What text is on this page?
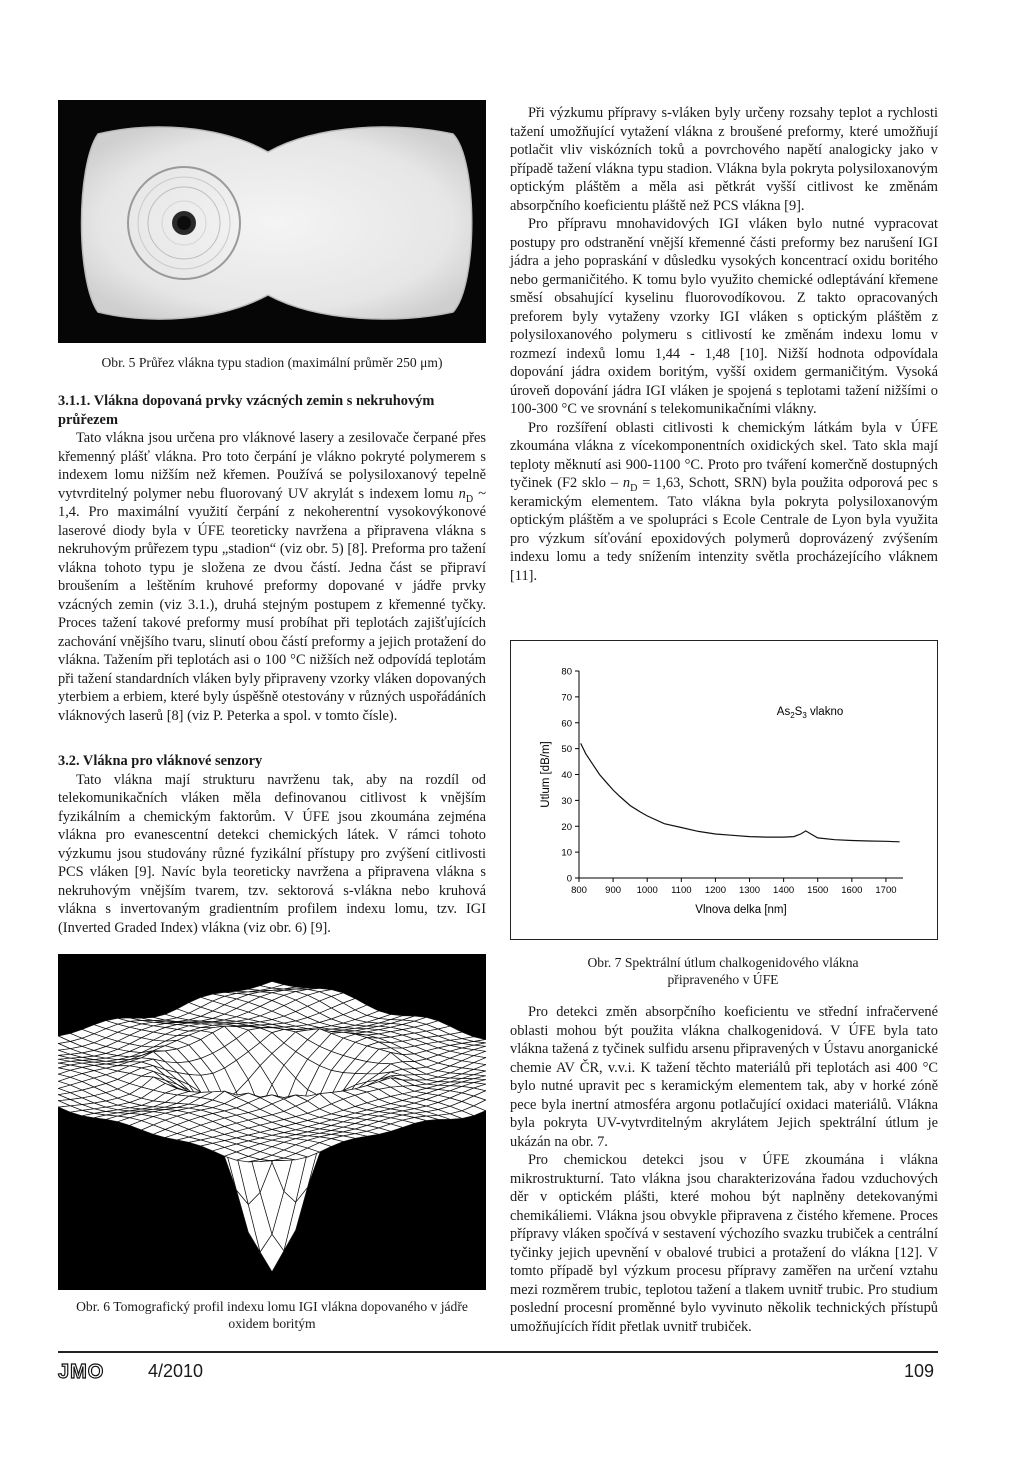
Obr. 5 Průřez vlákna typu stadion (maximální průměr 250 μm)

3.1.1. Vlákna dopovaná prvky vzácných zemin s nekruhovým průřezem

Tato vlákna jsou určena pro vláknové lasery a zesilovače čerpané přes křemenný plášť vlákna. Pro toto čerpání je vlákno pokryté polymerem s indexem lomu nižším než křemen. Používá se polysiloxanový tepelně vytvrditelný polymer nebu fluorovaný UV akrylát s indexem lomu $n_D$ ~ 1,4. Pro maximální využití čerpání z nekoherentní vysokovýkonové laserové diody byla v ÚFE teoreticky navržena a připravena vlákna s nekruhovým průřezem typu „stadion“ (viz obr. 5) [8]. Preforma pro tažení vlákna tohoto typu je složena ze dvou částí. Jedna část se připraví broušením a leštěním kruhové preformy dopované v jádře prvky vzácných zemin (viz 3.1.), druhá stejným postupem z křemenné tyčky. Proces tažení takové preformy musí probíhat při teplotách zajišťujících zachování vnějšího tvaru, slinutí obou částí preformy a jejich protažení do vlákna. Tažením při teplotách asi o 100 °C nižších než odpovídá teplotám při tažení standardních vláken byly připraveny vzorky vláken dopovaných yterbiem a erbiem, které byly úspěšně otestovány v různých uspořádáních vláknových laserů [8] (viz P. Peterka a spol. v tomto čísle).

3.2. Vlákna pro vláknové senzory

Tato vlákna mají strukturu navrženu tak, aby na rozdíl od telekomunikačních vláken měla definovanou citlivost k vnějším fyzikálním a chemickým faktorům. V ÚFE jsou zkoumána zejména vlákna pro evanescentní detekci chemických látek. V rámci tohoto výzkumu jsou studovány různé fyzikální přístupy pro zvýšení citlivosti PCS vláken [9]. Navíc byla teoreticky navržena a připravena vlákna s nekruhovým vnějším tvarem, tzv. sektorová s-vlákna nebo kruhová vlákna s invertovaným gradientním profilem indexu lomu, tzv. IGI (Inverted Graded Index) vlákna (viz obr. 6) [9].

Obr. 6 Tomografický profil indexu lomu IGI vlákna dopovaného v jádře oxidem boritým

Při výzkumu přípravy s-vláken byly určeny rozsahy teplot a rychlosti tažení umožňující vytažení vlákna z broušené preformy, které umožňují potlačit vliv viskózních toků a povrchového napětí analogicky jako v případě tažení vlákna typu stadion. Vlákna byla pokryta polysiloxanovým optickým pláštěm a měla asi pětkrát vyšší citlivost ke změnám absorpčního koeficientu pláště než PCS vlákna [9].

Pro přípravu mnohavidových IGI vláken bylo nutné vypracovat postupy pro odstranění vnější křemenné části preformy bez narušení IGI jádra a jeho popraskání v důsledku vysokých koncentrací oxidu boritého nebo germaničitého. K tomu bylo využito chemické odleptávání křemene směsí obsahující kyselinu fluorovodíkovou. Z takto opracovaných preforem byly vytaženy vzorky IGI vláken s optickým pláštěm z polysiloxanového polymeru s citlivostí ke změnám indexu lomu v rozmezí indexů lomu 1,44 - 1,48 [10]. Nižší hodnota odpovídala dopování jádra oxidem boritým, vyšší oxidem germaničitým. Vysoká úroveň dopování jádra IGI vláken je spojená s teplotami tažení nižšími o 100-300 °C ve srovnání s telekomunikačními vlákny.

Pro rozšíření oblasti citlivosti k chemickým látkám byla v ÚFE zkoumána vlákna z vícekomponentních oxidických skel. Tato skla mají teploty měknutí asi 900-1100 °C. Proto pro tváření komerčně dostupných tyčinek (F2 sklo – $n_D = 1,63$, Schott, SRN) byla použita odporová pec s keramickým elementem. Tato vlákna byla pokryta polysiloxanovým optickým pláštěm a ve spolupráci s Ecole Centrale de Lyon byla využita pro výzkum síťování epoxidových polymerů doprovázený zvýšením indexu lomu a tedy snížením intenzity světla procházejícího vláknem [11].

0
10
20
30
40
50
60
70
80
800 900 1000 1100 1200 1300 1400 1500 1600 1700
Vlnova delka [nm]
Utlum [dB/m]
$As_2S_3$ vlakno

Obr. 7 Spektrální útlum chalkogenidového vlákna připraveného v ÚFE

Pro detekci změn absorpčního koeficientu ve střední infračervené oblasti mohou být použita vlákna chalkogenidová. V ÚFE byla tato vlákna tažená z tyčinek sulfidu arsenu připravených v Ústavu anorganické chemie AV ČR, v.v.i. K tažení těchto materiálů při teplotách asi 400 °C bylo nutné upravit pec s keramickým elementem tak, aby v horké zóně pece byla inertní atmosféra argonu potlačující oxidaci materiálů. Vlákna byla pokryta UV-vytvrditelným akrylátem Jejich spektrální útlum je ukázán na obr. 7.

Pro chemickou detekci jsou v ÚFE zkoumána i vlákna mikrostrukturní. Tato vlákna jsou charakterizována řadou vzduchových děr v optickém plášti, které mohou být naplněny detekovanými chemikáliemi. Vlákna jsou obvykle připravena z čistého křemene. Proces přípravy vláken spočívá v sestavení výchozího svazku trubiček a centrální tyčinky jejich upevnění v obalové trubici a protažení do vlákna [12]. V tomto případě byl výzkum procesu přípravy zaměřen na určení vztahu mezi rozměrem trubic, teplotou tažení a tlakem uvnitř trubic. Pro studium poslední procesní proměnné bylo vyvinuto několik technických přístupů umožňujících řídit přetlak uvnitř trubiček.

JMO 4/2010	109
